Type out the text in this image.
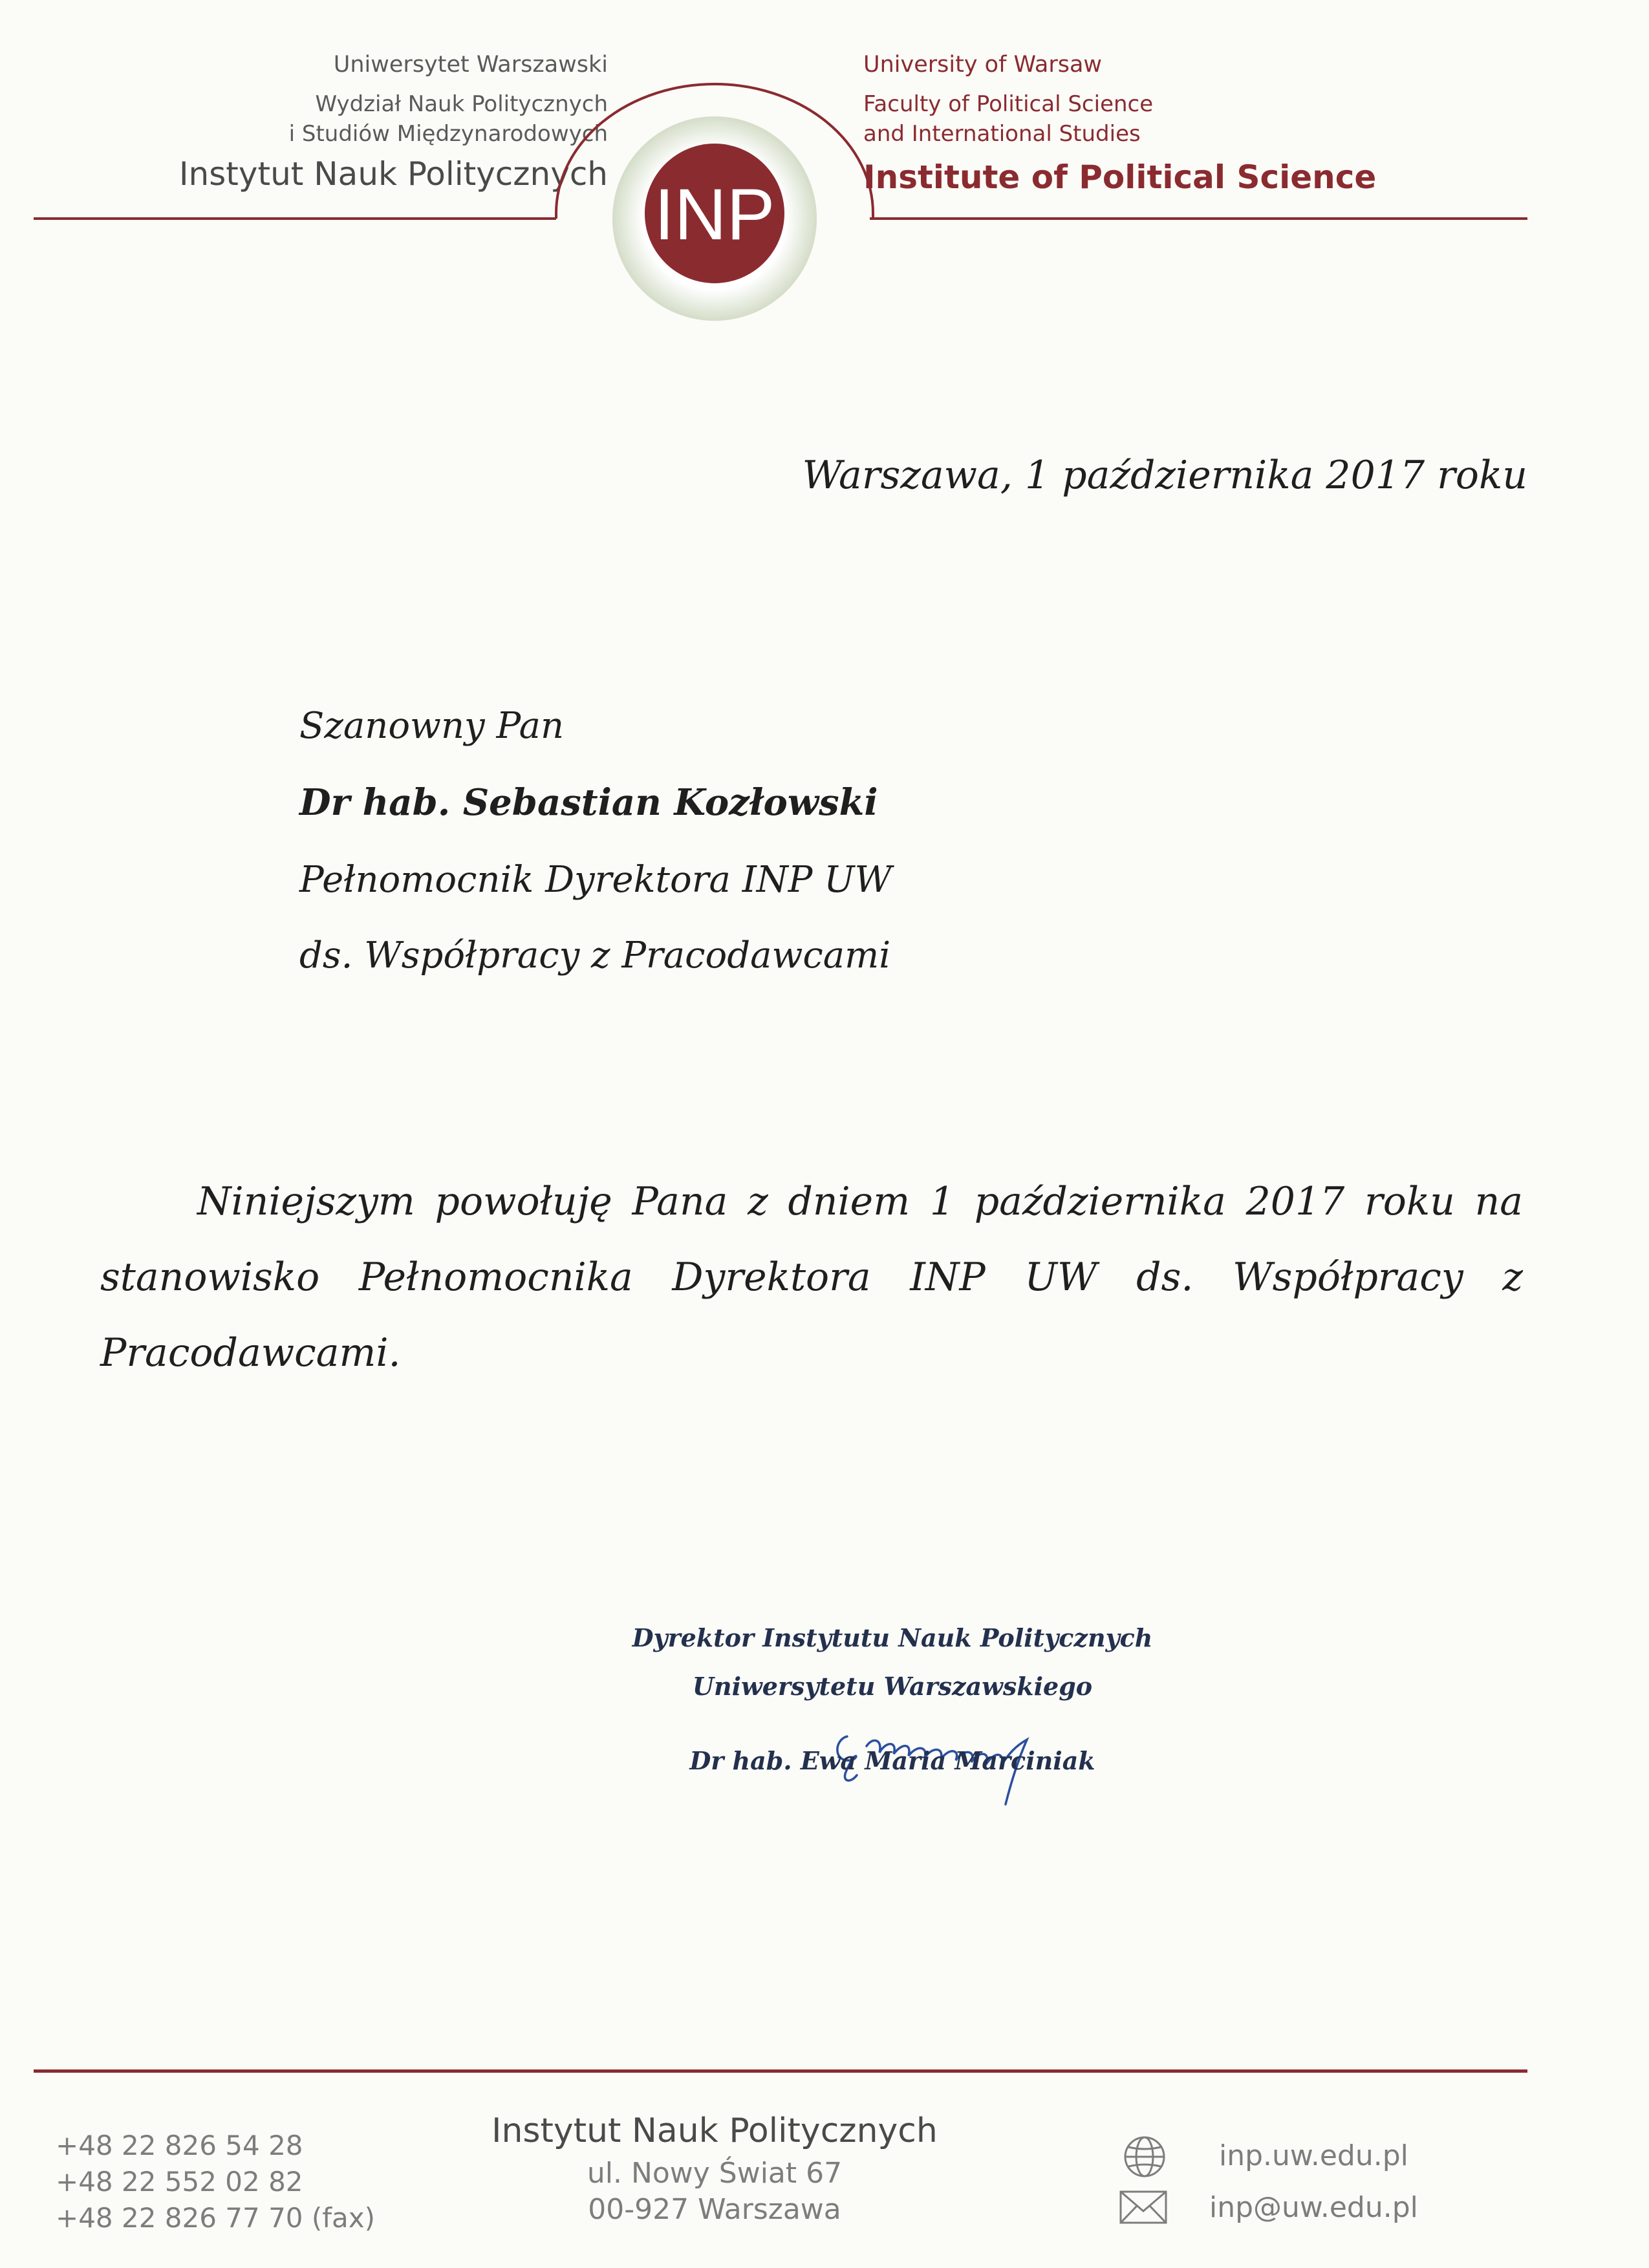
Uniwersytet Warszawski
Wydział Nauk Politycznych
i Studiów Międzynarodowych
Instytut Nauk Politycznych
University of Warsaw
Faculty of Political Science
and International Studies
Institute of Political Science
INP
Warszawa, 1 października 2017 roku
Szanowny Pan
Dr hab. Sebastian Kozłowski
Pełnomocnik Dyrektora INP UW
ds. Współpracy z Pracodawcami
Niniejszym powołuję Pana z dniem 1 października 2017 roku na stanowisko Pełnomocnika Dyrektora INP UW ds. Współpracy z Pracodawcami.
Dyrektor Instytutu Nauk Politycznych
Uniwersytetu Warszawskiego
Dr hab. Ewa Maria Marciniak
+48 22 826 54 28
+48 22 552 02 82
+48 22 826 77 70 (fax)
Instytut Nauk Politycznych
ul. Nowy Świat 67
00-927 Warszawa
inp.uw.edu.pl
inp@uw.edu.pl
